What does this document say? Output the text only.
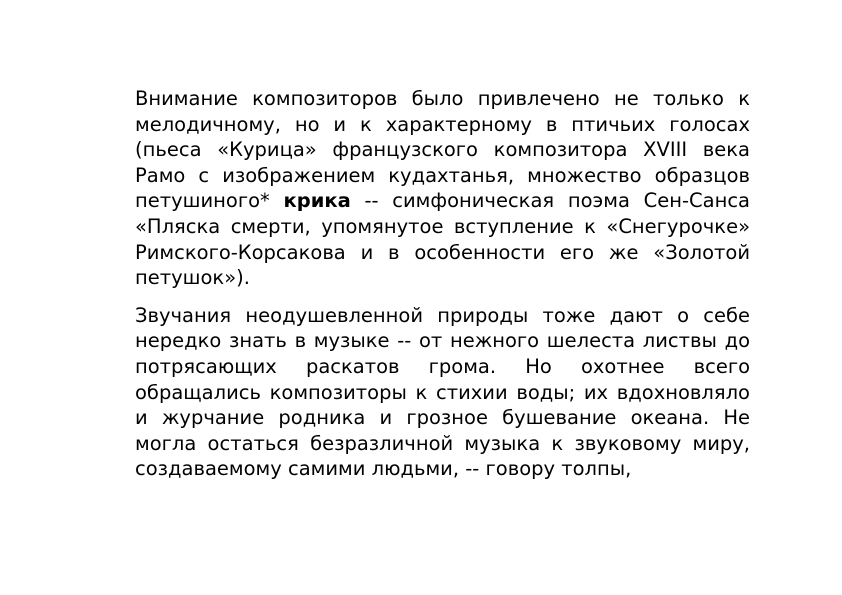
Внимание композиторов было привлечено не только к мелодичному, но и к характерному в птичьих голосах (пьеса «Курица» французского композитора XVIII века Рамо с изображением кудахтанья, множество образцов петушиного* крика -- симфоническая поэма Сен-Санса «Пляска смерти, упомянутое вступление к «Снегурочке» Римского-Корсакова и в особенности его же «Золотой петушок»).

Звучания неодушевленной природы тоже дают о себе нередко знать в музыке -- от нежного шелеста листвы до потрясающих раскатов грома. Но охотнее всего обращались композиторы к стихии воды; их вдохновляло и журчание родника и грозное бушевание океана. Не могла остаться безразличной музыка к звуковому миру, создаваемому самими людьми, -- говору толпы,
